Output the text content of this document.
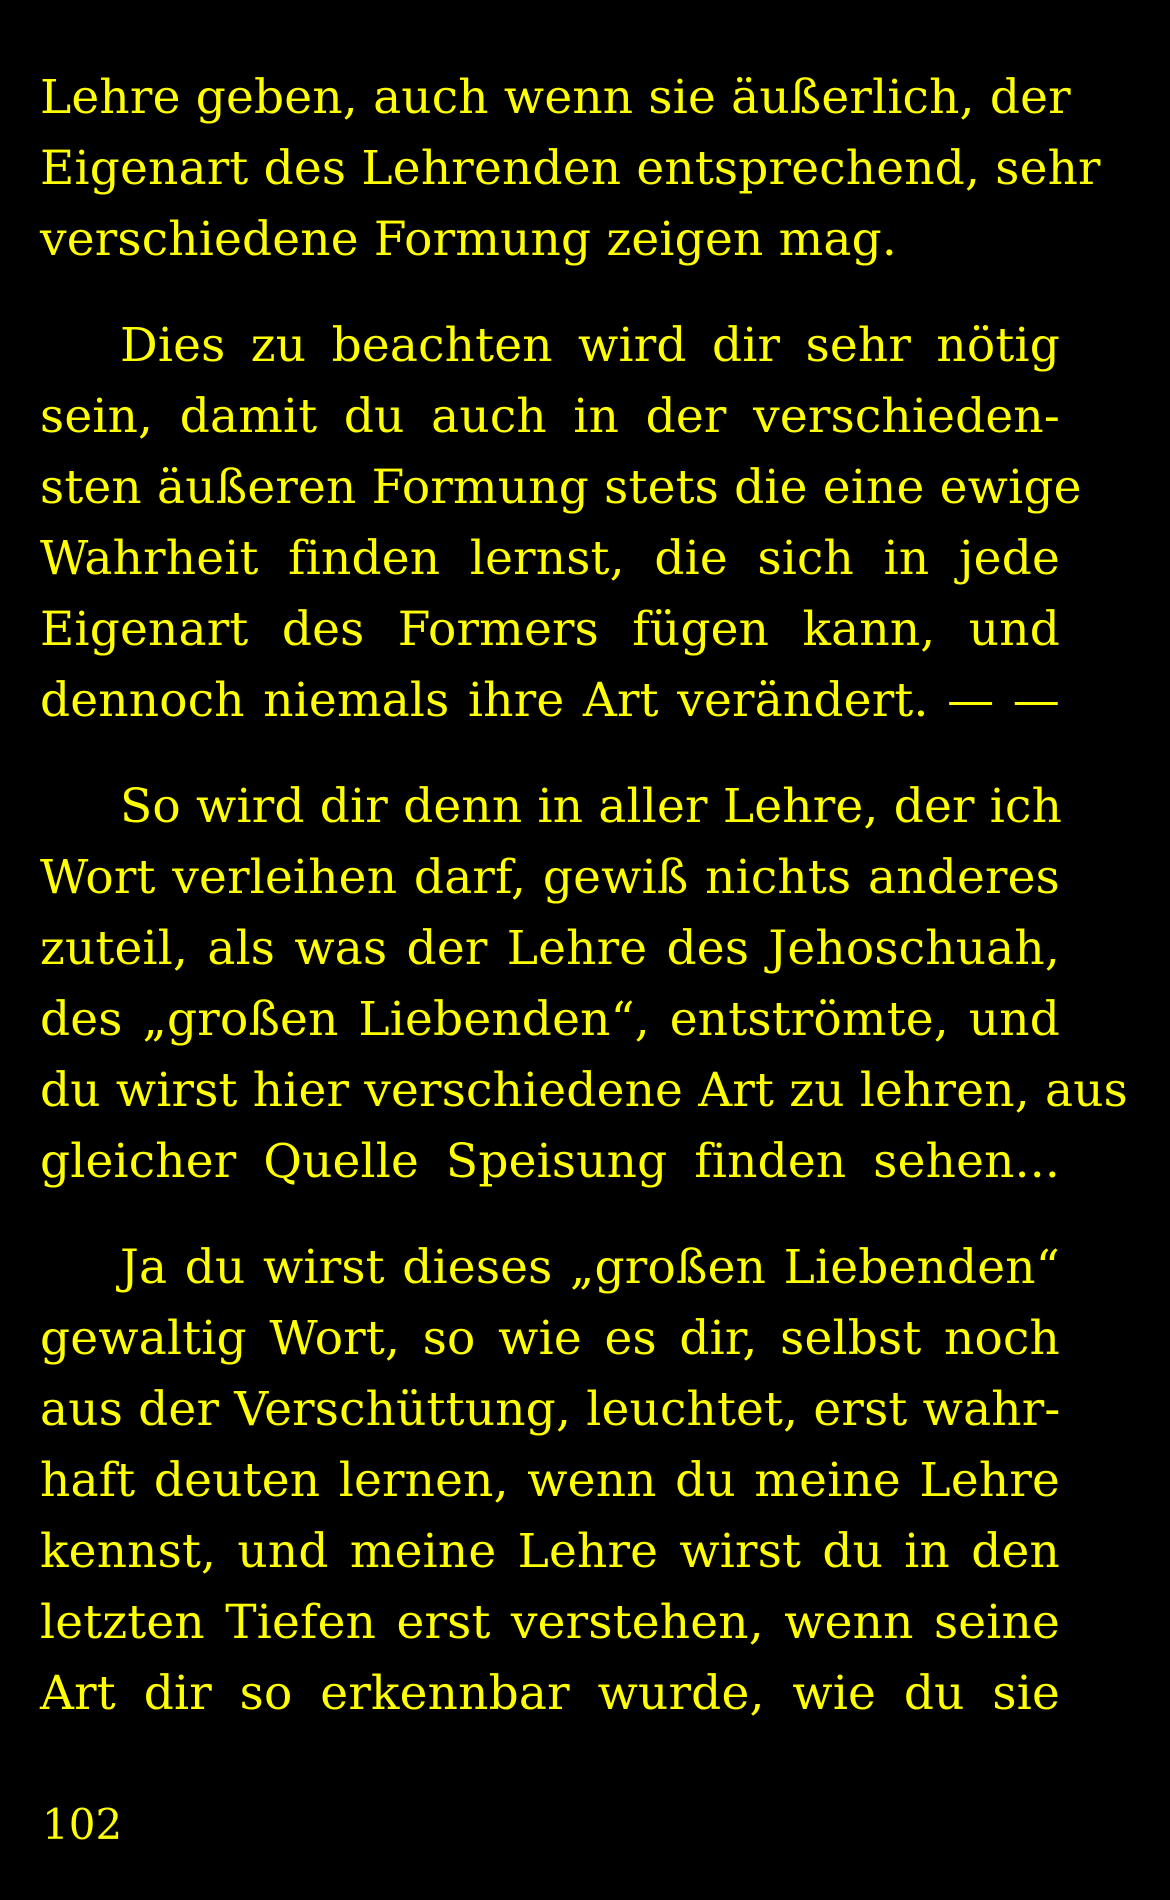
Lehre geben, auch wenn sie äußerlich, der
Eigenart des Lehrenden entsprechend, sehr
verschiedene Formung zeigen mag.
Dies zu beachten wird dir sehr nötig
sein, damit du auch in der verschieden-
sten äußeren Formung stets die eine ewige
Wahrheit finden lernst, die sich in jede
Eigenart des Formers fügen kann, und
dennoch niemals ihre Art verändert. — —
So wird dir denn in aller Lehre, der ich
Wort verleihen darf, gewiß nichts anderes
zuteil, als was der Lehre des Jehoschuah,
des „großen Liebenden“, entströmte, und
du wirst hier verschiedene Art zu lehren, aus
gleicher Quelle Speisung finden sehen...
Ja du wirst dieses „großen Liebenden“
gewaltig Wort, so wie es dir, selbst noch
aus der Verschüttung, leuchtet, erst wahr-
haft deuten lernen, wenn du meine Lehre
kennst, und meine Lehre wirst du in den
letzten Tiefen erst verstehen, wenn seine
Art dir so erkennbar wurde, wie du sie
102
